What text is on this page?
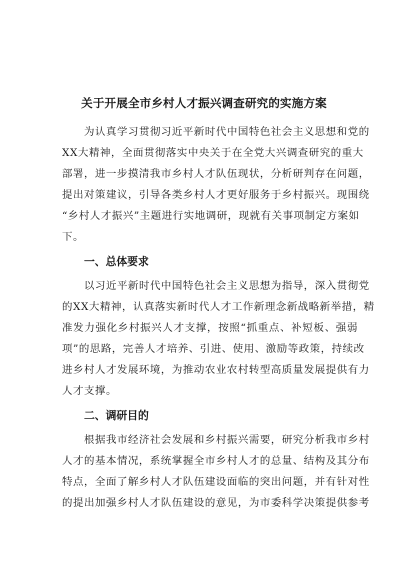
关于开展全市乡村人才振兴调查研究的实施方案
为认真学习贯彻习近平新时代中国特色社会主义思想和党的
XX大精神，全面贯彻落实中央关于在全党大兴调查研究的重大
部署，进一步摸清我市乡村人才队伍现状，分析研判存在问题，
提出对策建议，引导各类乡村人才更好服务于乡村振兴。现围绕
“乡村人才振兴”主题进行实地调研，现就有关事项制定方案如
下。
一、总体要求
以习近平新时代中国特色社会主义思想为指导，深入贯彻党
的XX大精神，认真落实新时代人才工作新理念新战略新举措，精
准发力强化乡村振兴人才支撑，按照“抓重点、补短板、强弱
项”的思路，完善人才培养、引进、使用、激励等政策，持续改
进乡村人才发展环境，为推动农业农村转型高质量发展提供有力
人才支撑。
二、调研目的
根据我市经济社会发展和乡村振兴需要，研究分析我市乡村
人才的基本情况，系统掌握全市乡村人才的总量、结构及其分布
特点，全面了解乡村人才队伍建设面临的突出问题，并有针对性
的提出加强乡村人才队伍建设的意见，为市委科学决策提供参考
